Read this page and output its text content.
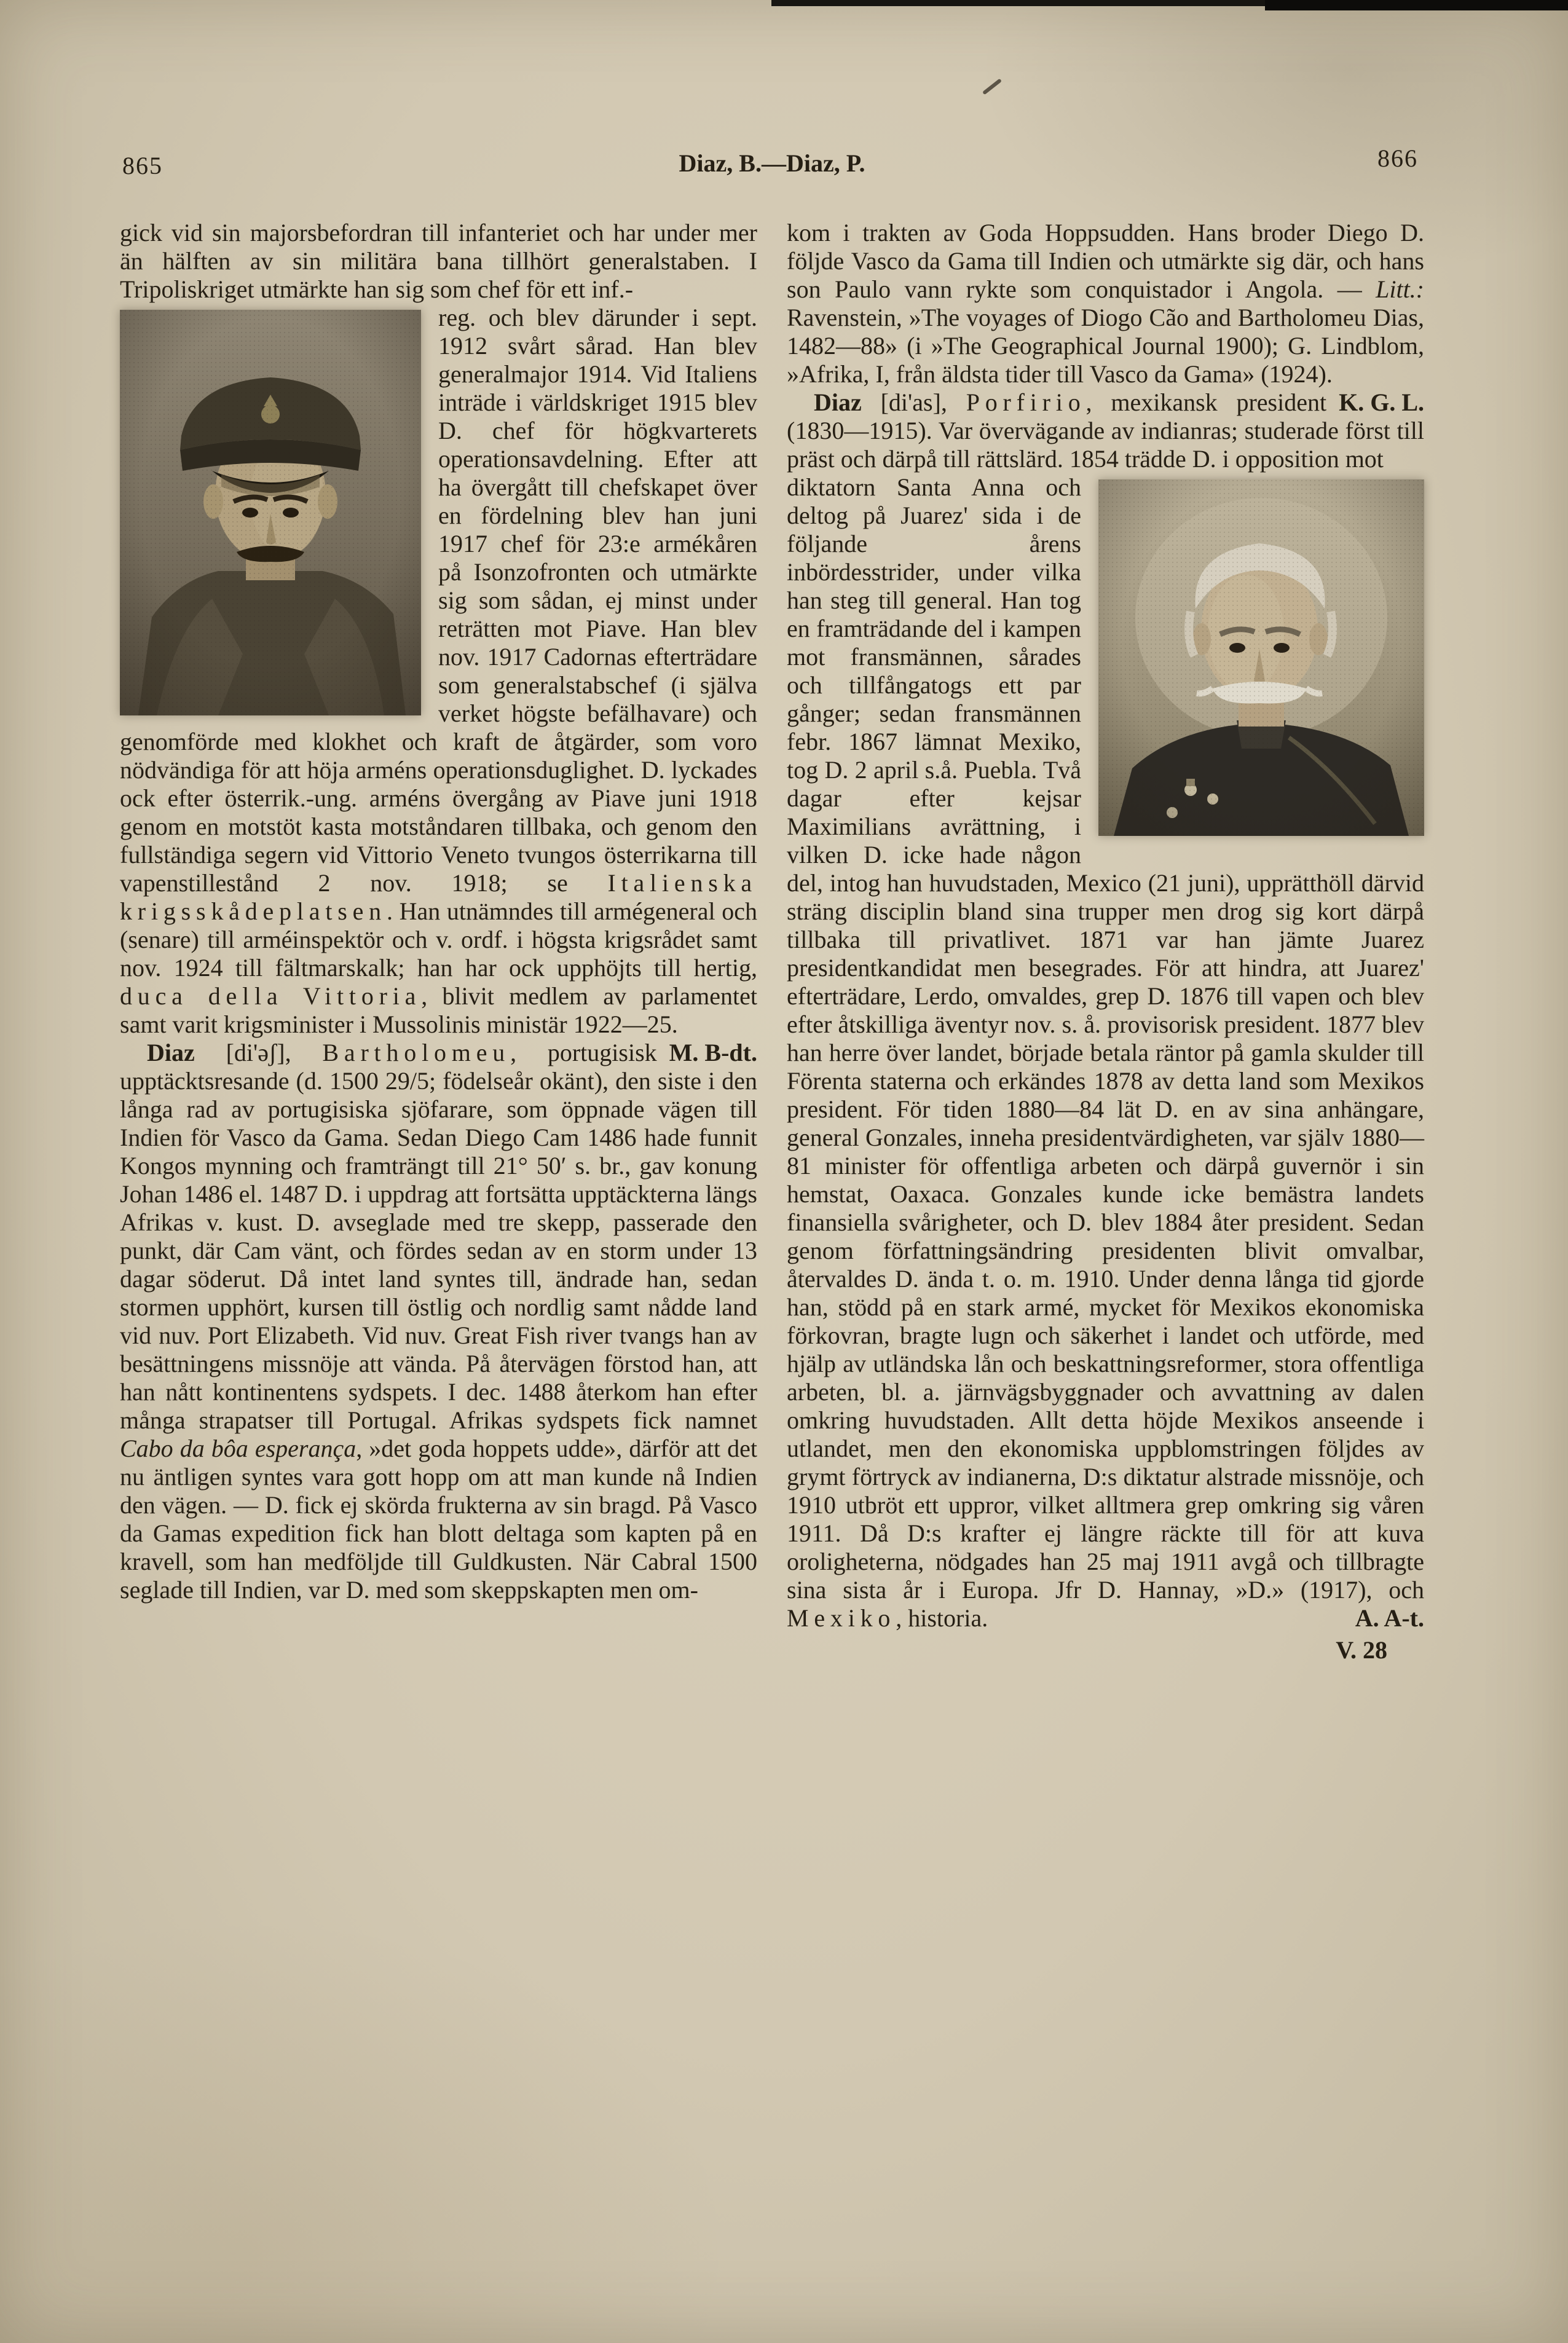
865	Diaz, B.—Diaz, P.	866

gick vid sin majorsbefordran till infanteriet och har under mer än hälften av sin militära bana tillhört generalstaben. I Tripoliskriget utmärkte han sig som chef för ett inf.-

reg. och blev därunder i sept. 1912 svårt sårad. Han blev generalmajor 1914. Vid Italiens inträde i världskriget 1915 blev D. chef för högkvarterets operationsavdelning. Efter att ha övergått till chefskapet över en fördelning blev han juni 1917 chef för 23:e armékåren på Isonzofronten och utmärkte sig som sådan, ej minst under reträtten mot Piave. Han blev nov. 1917 Cadornas efterträdare som generalstabschef (i själva verket högste befälhavare) och genomförde med klokhet och kraft de åtgärder, som voro nödvändiga för att höja arméns operationsduglighet. D. lyckades ock efter österrik.-ung. arméns övergång av Piave juni 1918 genom en motstöt kasta motståndaren tillbaka, och genom den fullständiga segern vid Vittorio Veneto tvungos österrikarna till vapenstillestånd 2 nov. 1918; se Italienska krigsskådeplatsen. Han utnämndes till armégeneral och (senare) till arméinspektör och v. ordf. i högsta krigsrådet samt nov. 1924 till fältmarskalk; han har ock upphöjts till hertig, duca della Vittoria, blivit medlem av parlamentet samt varit krigsminister i Mussolinis ministär 1922—25.
M. B-dt.

Diaz [di'əʃ], Bartholomeu, portugisisk upptäcktsresande (d. 1500 29/5; födelseår okänt), den siste i den långa rad av portugisiska sjöfarare, som öppnade vägen till Indien för Vasco da Gama. Sedan Diego Cam 1486 hade funnit Kongos mynning och framträngt till 21° 50′ s. br., gav konung Johan 1486 el. 1487 D. i uppdrag att fortsätta upptäckterna längs Afrikas v. kust. D. avseglade med tre skepp, passerade den punkt, där Cam vänt, och fördes sedan av en storm under 13 dagar söderut. Då intet land syntes till, ändrade han, sedan stormen upphört, kursen till östlig och nordlig samt nådde land vid nuv. Port Elizabeth. Vid nuv. Great Fish river tvangs han av besättningens missnöje att vända. På återvägen förstod han, att han nått kontinentens sydspets. I dec. 1488 återkom han efter många strapatser till Portugal. Afrikas sydspets fick namnet Cabo da bôa esperança, »det goda hoppets udde», därför att det nu äntligen syntes vara gott hopp om att man kunde nå Indien den vägen. — D. fick ej skörda frukterna av sin bragd. På Vasco da Gamas expedition fick han blott deltaga som kapten på en kravell, som han medföljde till Guldkusten. När Cabral 1500 seglade till Indien, var D. med som skeppskapten men om-

kom i trakten av Goda Hoppsudden. Hans broder Diego D. följde Vasco da Gama till Indien och utmärkte sig där, och hans son Paulo vann rykte som conquistador i Angola. — Litt.: Ravenstein, »The voyages of Diogo Cão and Bartholomeu Dias, 1482—88» (i »The Geographical Journal 1900); G. Lindblom, »Afrika, I, från äldsta tider till Vasco da Gama» (1924).
K. G. L.

Diaz [di'as], Porfirio, mexikansk president (1830—1915). Var övervägande av indianras; studerade först till präst och därpå till rättslärd. 1854 trädde D. i opposition mot

diktatorn Santa Anna och deltog på Juarez' sida i de följande årens inbördesstrider, under vilka han steg till general. Han tog en framträdande del i kampen mot fransmännen, sårades och tillfångatogs ett par gånger; sedan fransmännen febr. 1867 lämnat Mexiko, tog D. 2 april s.å. Puebla. Två dagar efter kejsar Maximilians avrättning, i vilken D. icke hade någon del, intog han huvudstaden, Mexico (21 juni), upprätthöll därvid sträng disciplin bland sina trupper men drog sig kort därpå tillbaka till privatlivet. 1871 var han jämte Juarez presidentkandidat men besegrades. För att hindra, att Juarez' efterträdare, Lerdo, omvaldes, grep D. 1876 till vapen och blev efter åtskilliga äventyr nov. s. å. provisorisk president. 1877 blev han herre över landet, började betala räntor på gamla skulder till Förenta staterna och erkändes 1878 av detta land som Mexikos president. För tiden 1880—84 lät D. en av sina anhängare, general Gonzales, inneha presidentvärdigheten, var själv 1880—81 minister för offentliga arbeten och därpå guvernör i sin hemstat, Oaxaca. Gonzales kunde icke bemästra landets finansiella svårigheter, och D. blev 1884 åter president. Sedan genom författningsändring presidenten blivit omvalbar, återvaldes D. ända t. o. m. 1910. Under denna långa tid gjorde han, stödd på en stark armé, mycket för Mexikos ekonomiska förkovran, bragte lugn och säkerhet i landet och utförde, med hjälp av utländska lån och beskattningsreformer, stora offentliga arbeten, bl. a. järnvägsbyggnader och avvattning av dalen omkring huvudstaden. Allt detta höjde Mexikos anseende i utlandet, men den ekonomiska uppblomstringen följdes av grymt förtryck av indianerna, D:s diktatur alstrade missnöje, och 1910 utbröt ett uppror, vilket alltmera grep omkring sig våren 1911. Då D:s krafter ej längre räckte till för att kuva oroligheterna, nödgades han 25 maj 1911 avgå och tillbragte sina sista år i Europa. Jfr D. Hannay, »D.» (1917), och Mexiko, historia.	A. A-t.
V. 28
